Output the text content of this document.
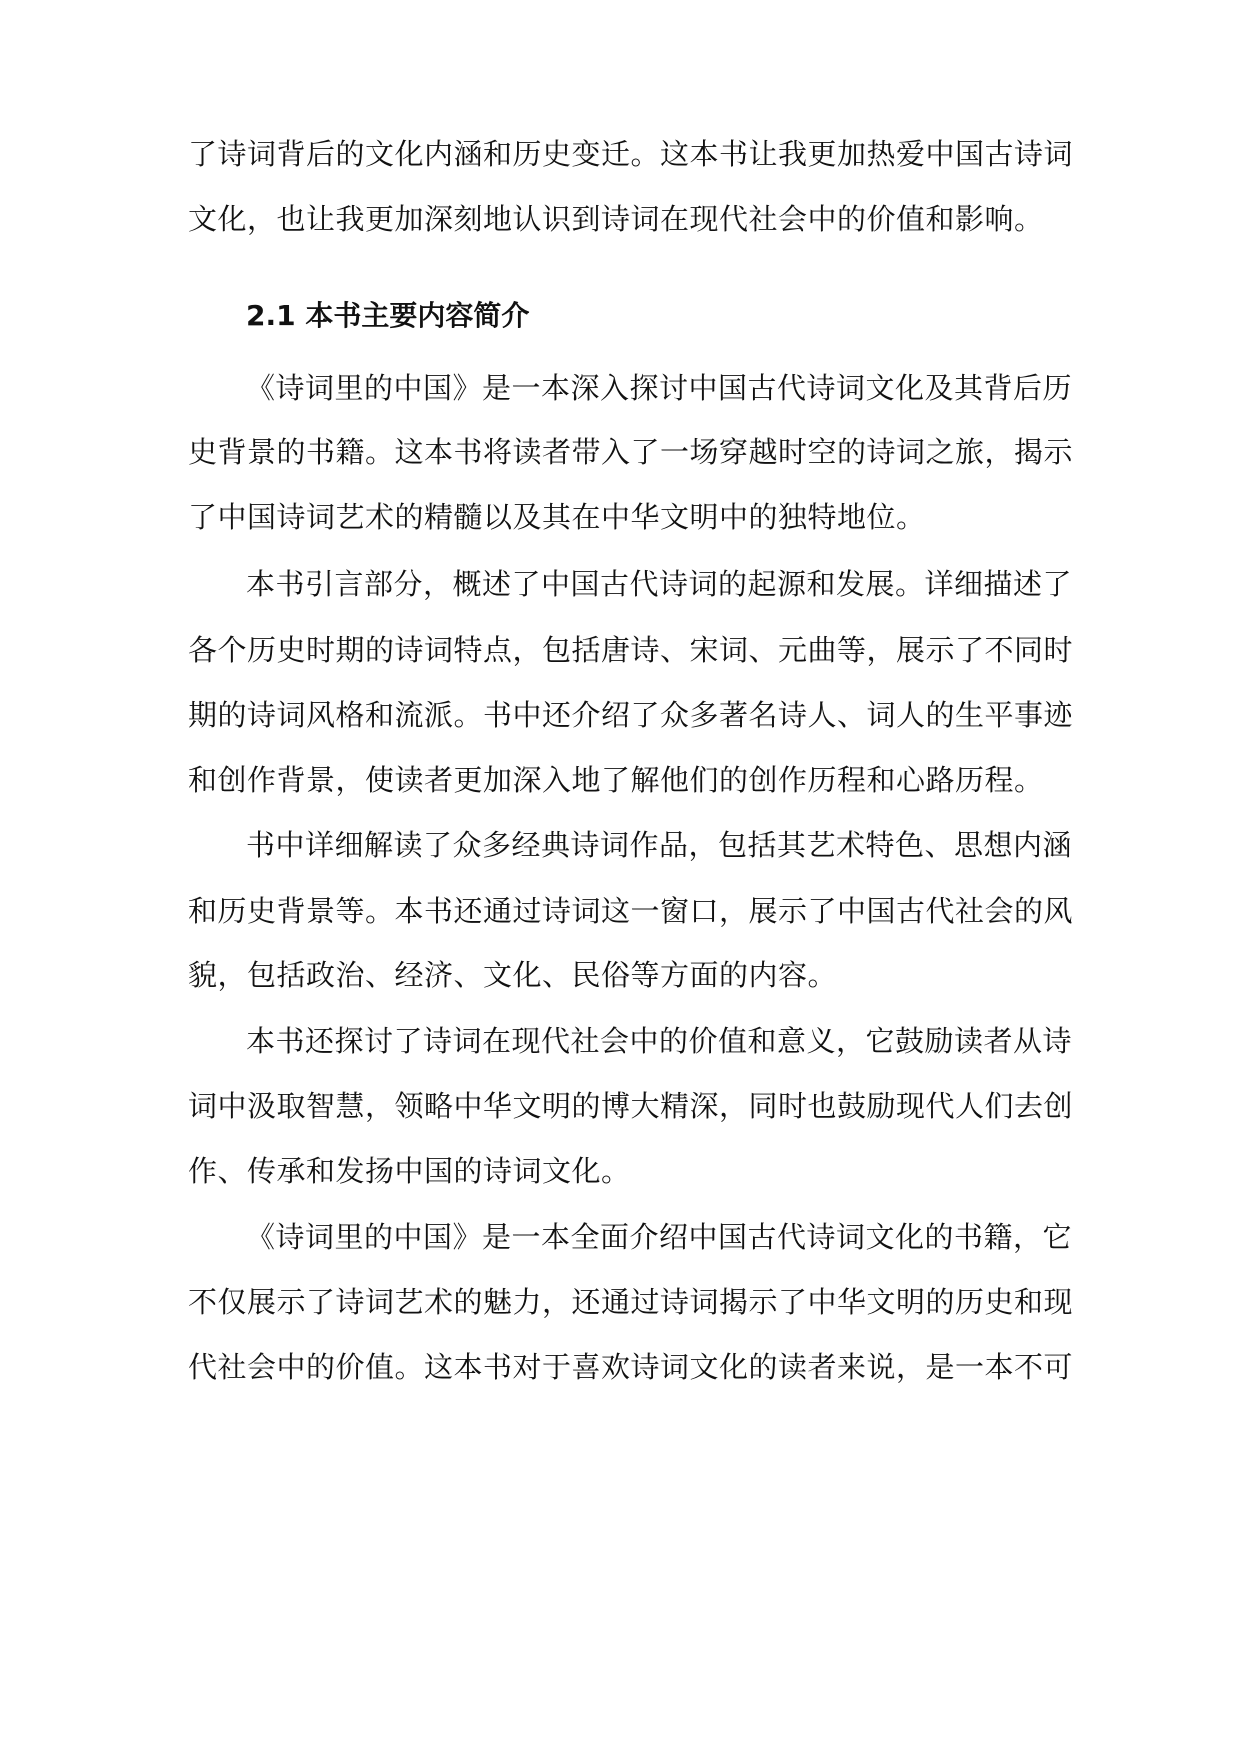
了诗词背后的文化内涵和历史变迁。这本书让我更加热爱中国古诗词
文化，也让我更加深刻地认识到诗词在现代社会中的价值和影响。
2.1 本书主要内容简介
《诗词里的中国》是一本深入探讨中国古代诗词文化及其背后历
史背景的书籍。这本书将读者带入了一场穿越时空的诗词之旅，揭示
了中国诗词艺术的精髓以及其在中华文明中的独特地位。
本书引言部分，概述了中国古代诗词的起源和发展。详细描述了
各个历史时期的诗词特点，包括唐诗、宋词、元曲等，展示了不同时
期的诗词风格和流派。书中还介绍了众多著名诗人、词人的生平事迹
和创作背景，使读者更加深入地了解他们的创作历程和心路历程。
书中详细解读了众多经典诗词作品，包括其艺术特色、思想内涵
和历史背景等。本书还通过诗词这一窗口，展示了中国古代社会的风
貌，包括政治、经济、文化、民俗等方面的内容。
本书还探讨了诗词在现代社会中的价值和意义，它鼓励读者从诗
词中汲取智慧，领略中华文明的博大精深，同时也鼓励现代人们去创
作、传承和发扬中国的诗词文化。
《诗词里的中国》是一本全面介绍中国古代诗词文化的书籍，它
不仅展示了诗词艺术的魅力，还通过诗词揭示了中华文明的历史和现
代社会中的价值。这本书对于喜欢诗词文化的读者来说，是一本不可
